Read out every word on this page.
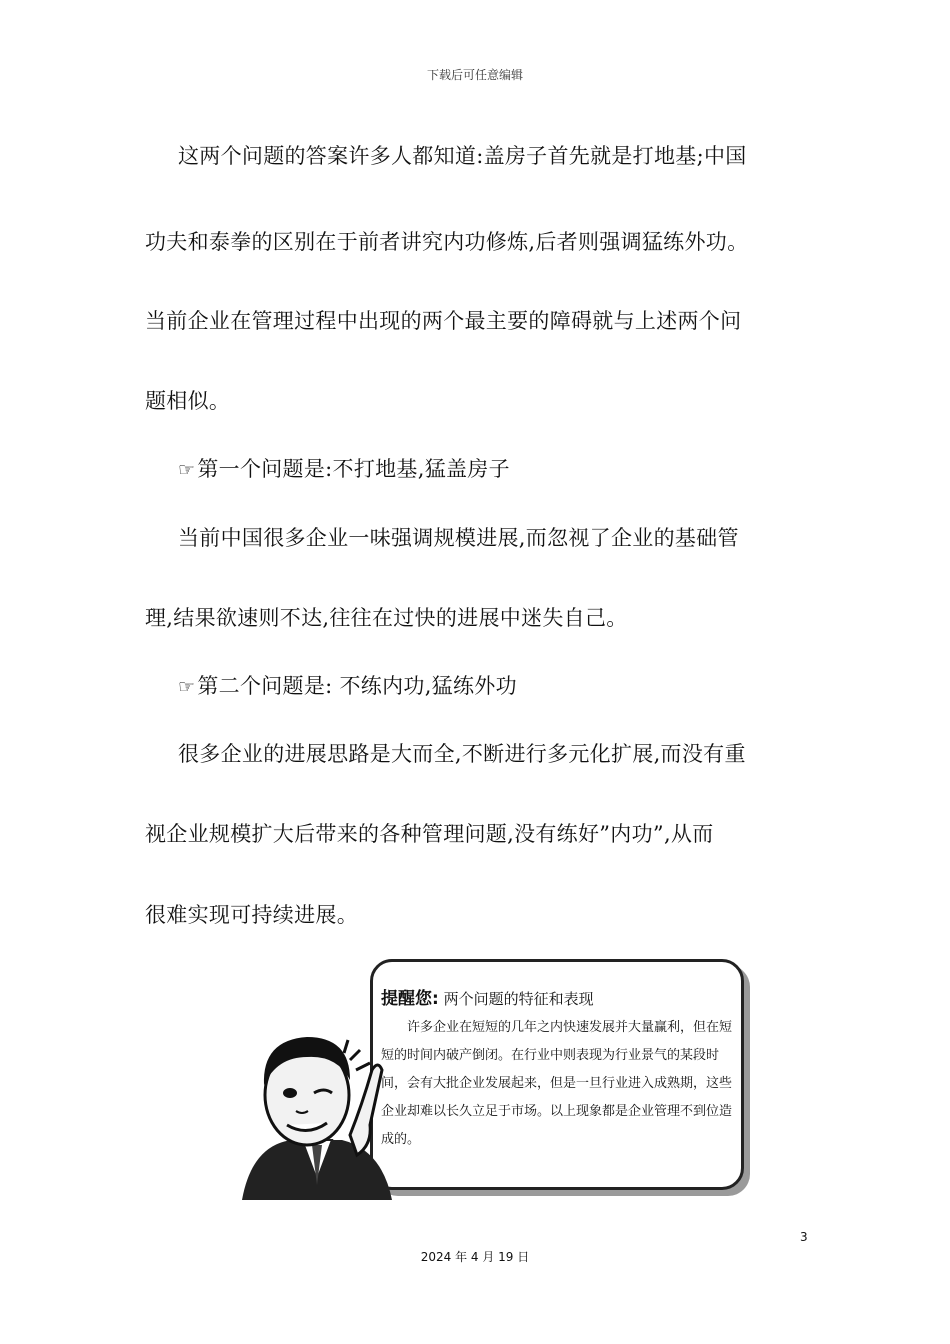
下载后可任意编辑
这两个问题的答案许多人都知道:盖房子首先就是打地基;中国
功夫和泰拳的区别在于前者讲究内功修炼,后者则强调猛练外功。
当前企业在管理过程中出现的两个最主要的障碍就与上述两个问
题相似。
☞第一个问题是:不打地基,猛盖房子
当前中国很多企业一味强调规模进展,而忽视了企业的基础管
理,结果欲速则不达,往往在过快的进展中迷失自己。
☞第二个问题是: 不练内功,猛练外功
很多企业的进展思路是大而全,不断进行多元化扩展,而没有重
视企业规模扩大后带来的各种管理问题,没有练好”内功”,从而
很难实现可持续进展。
提醒您: 两个问题的特征和表现
许多企业在短短的几年之内快速发展并大量赢利，但在短短的时间内破产倒闭。在行业中则表现为行业景气的某段时间，会有大批企业发展起来，但是一旦行业进入成熟期，这些企业却难以长久立足于市场。以上现象都是企业管理不到位造成的。
3
2024 年 4 月 19 日
